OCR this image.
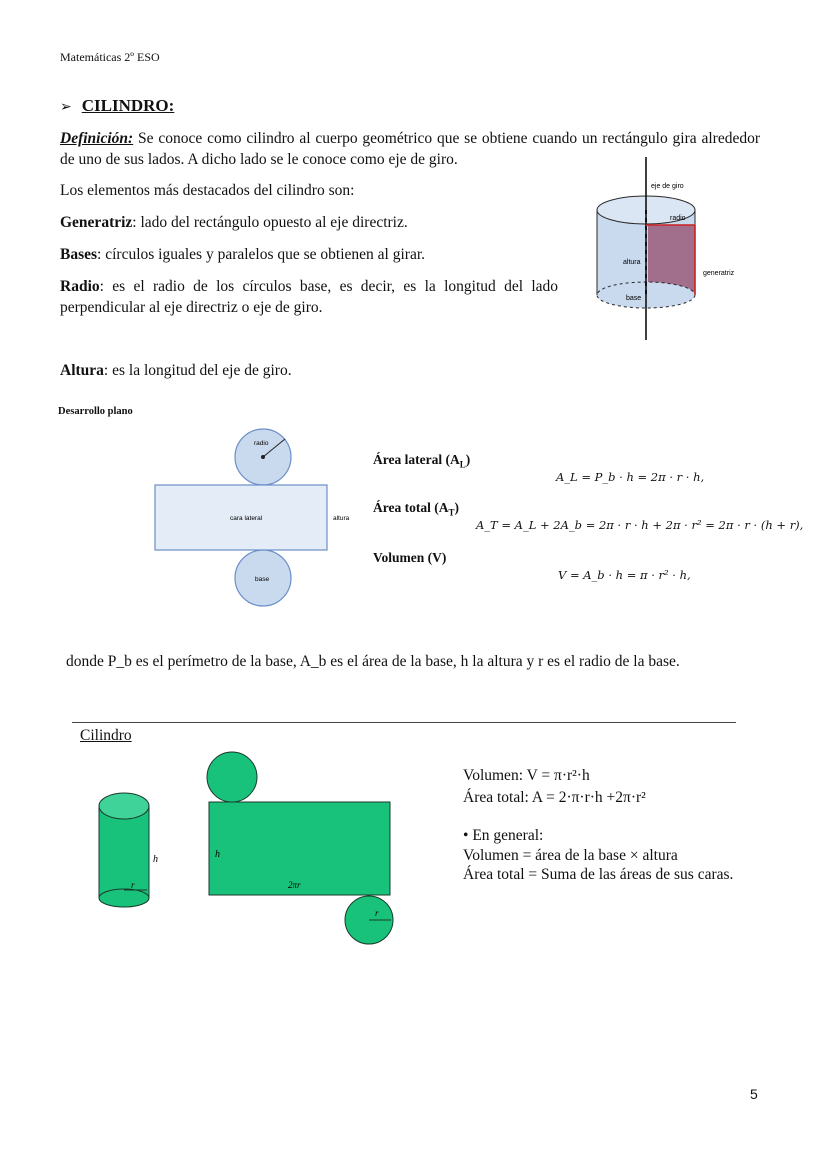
Matemáticas 2º ESO
➢ CILINDRO:
Definición: Se conoce como cilindro al cuerpo geométrico que se obtiene cuando un rectángulo gira alrededor de uno de sus lados. A dicho lado se le conoce como eje de giro.
Los elementos más destacados del cilindro son:
Generatriz: lado del rectángulo opuesto al eje directriz.
Bases: círculos iguales y paralelos que se obtienen al girar.
Radio: es el radio de los círculos base, es decir, es la longitud del lado perpendicular al eje directriz o eje de giro.
Altura: es la longitud del eje de giro.
eje de giro
radio
altura
generatriz
base
Desarrollo plano
radio
cara lateral	altura
base
Área lateral $(A_L)$
A_L = P_b · h = 2π · r · h,
Área total $(A_T)$
A_T = A_L + 2A_b = 2π · r · h + 2π · r² = 2π · r · (h + r),
Volumen (V)
V = A_b · h = π · r² · h,
donde P_b es el perímetro de la base, A_b es el área de la base, h la altura y r es el radio de la base.
Cilindro
h
r
h
2πr
r
Volumen: V = π·r²·h
Área total: A = 2·π·r·h +2π·r²
• En general:
Volumen = área de la base × altura
Área total = Suma de las áreas de sus caras.
5
